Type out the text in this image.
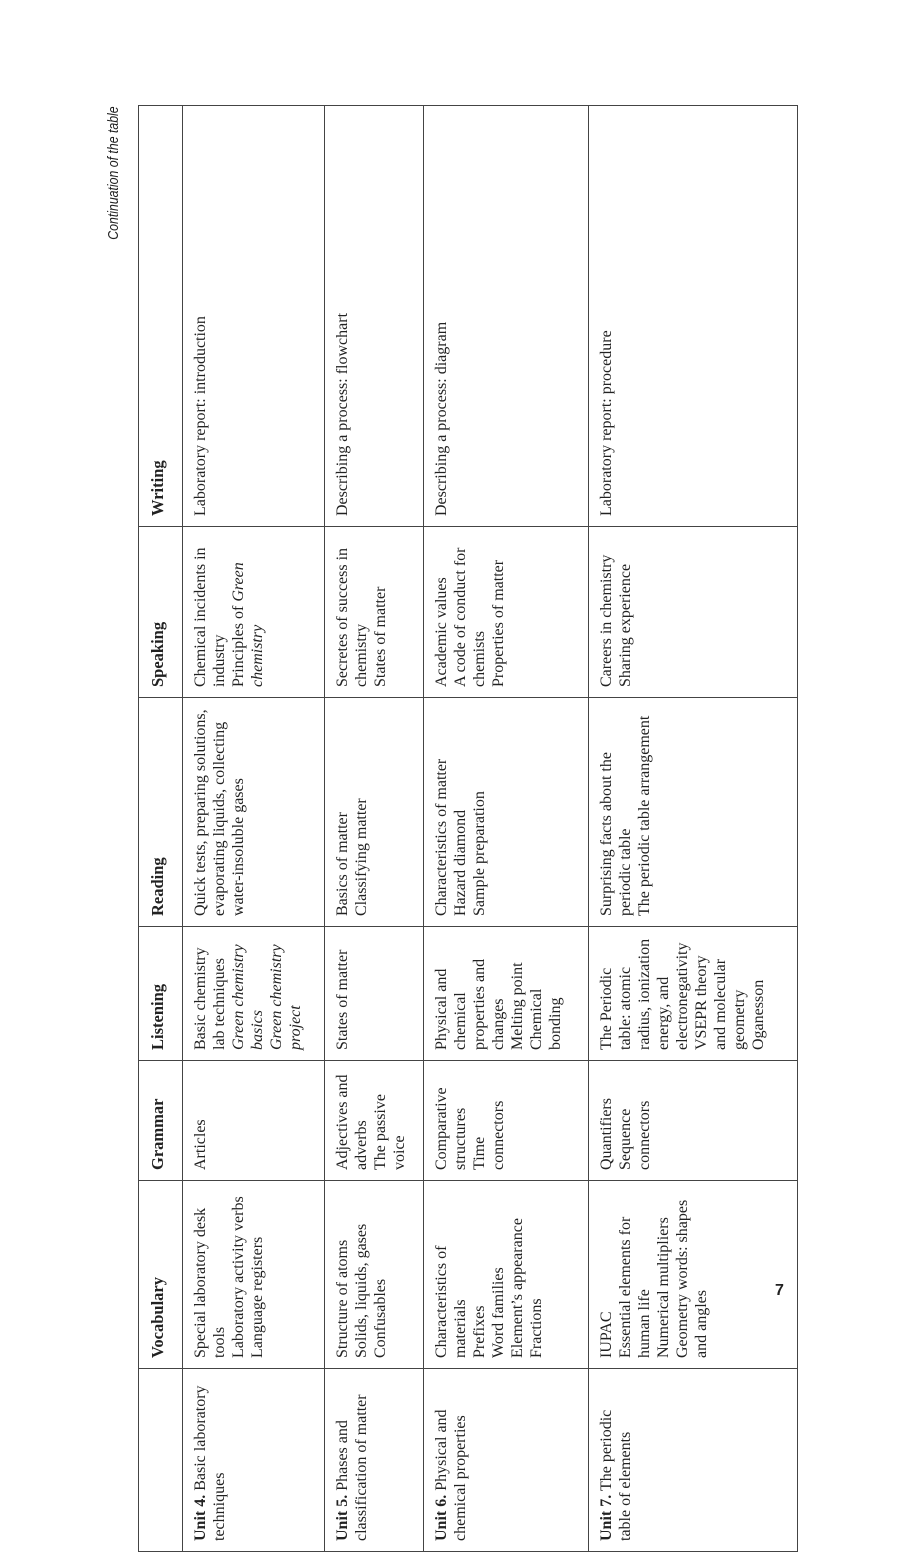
Continuation of the table
	Vocabulary	Grammar	Listening	Reading	Speaking	Writing
Unit 4. Basic laboratory techniques	Special laboratory desk tools Laboratory activity verbs Language registers	Articles	Basic chemistry lab techniques Green chemistry basics Green chemistry project	Quick tests, preparing solutions, evaporating liquids, collecting water-insoluble gases	Chemical incidents in industry Principles of Green chemistry	Laboratory report: introduction

Unit 5. Phases and classification of matter	Structure of atoms Solids, liquids, gases Confusables	Adjectives and adverbs The passive voice	States of matter	Basics of matter Classifying matter	Secretes of success in chemistry States of matter	Describing a process: flowchart

Unit 6. Physical and chemical properties	Characteristics of materials Prefixes Word families Element’s appearance Fractions	Comparative structures Time connectors	Physical and chemical properties and changes Melting point Chemical bonding	Characteristics of matter Hazard diamond Sample preparation	Academic values A code of conduct for chemists Properties of matter	Describing a process: diagram

Unit 7. The periodic table of elements	IUPAC Essential elements for human life Numerical multipliers Geometry words: shapes and angles	Quantifiers Sequence connectors	The Periodic table: atomic radius, ionization energy, and electronegativity VSEPR theory and molecular geometry Oganesson	Surprising facts about the periodic table The periodic table arrangement	Careers in chemistry Sharing experience	Laboratory report: procedure
7
